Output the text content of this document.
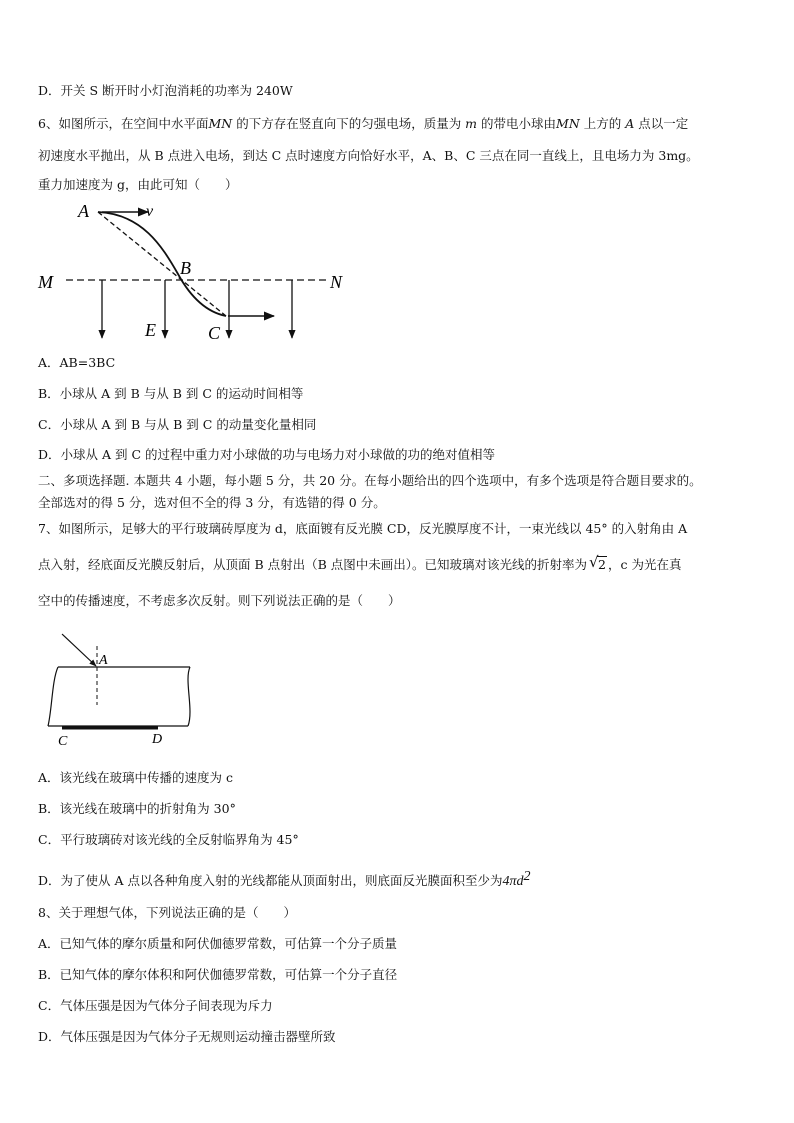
D．开关 S 断开时小灯泡消耗的功率为 240W
6、如图所示，在空间中水平面MN 的下方存在竖直向下的匀强电场，质量为 m 的带电小球由MN 上方的 A 点以一定
初速度水平抛出，从 B 点进入电场，到达 C 点时速度方向恰好水平，A、B、C 三点在同一直线上，且电场力为 3mg。
重力加速度为 g，由此可知（　　）
A	v
B
M	N
E	C
A．AB=3BC
B．小球从 A 到 B 与从 B 到 C 的运动时间相等
C．小球从 A 到 B 与从 B 到 C 的动量变化量相同
D．小球从 A 到 C 的过程中重力对小球做的功与电场力对小球做的功的绝对值相等
二、多项选择题. 本题共 4 小题，每小题 5 分，共 20 分。在每小题给出的四个选项中，有多个选项是符合题目要求的。
全部选对的得 5 分，选对但不全的得 3 分，有选错的得 0 分。
7、如图所示，足够大的平行玻璃砖厚度为 d，底面镀有反光膜 CD，反光膜厚度不计，一束光线以 45° 的入射角由 A
点入射，经底面反光膜反射后，从顶面 B 点射出（B 点图中未画出）。已知玻璃对该光线的折射率为 √ 2 ，c 为光在真
空中的传播速度，不考虑多次反射。则下列说法正确的是（　　）
A
C	D
A．该光线在玻璃中传播的速度为 c
B．该光线在玻璃中的折射角为 30°
C．平行玻璃砖对该光线的全反射临界角为 45°
D．为了使从 A 点以各种角度入射的光线都能从顶面射出，则底面反光膜面积至少为$4\pi d^2$
8、关于理想气体，下列说法正确的是（　　）
A．已知气体的摩尔质量和阿伏伽德罗常数，可估算一个分子质量
B．已知气体的摩尔体积和阿伏伽德罗常数，可估算一个分子直径
C．气体压强是因为气体分子间表现为斥力
D．气体压强是因为气体分子无规则运动撞击器壁所致
